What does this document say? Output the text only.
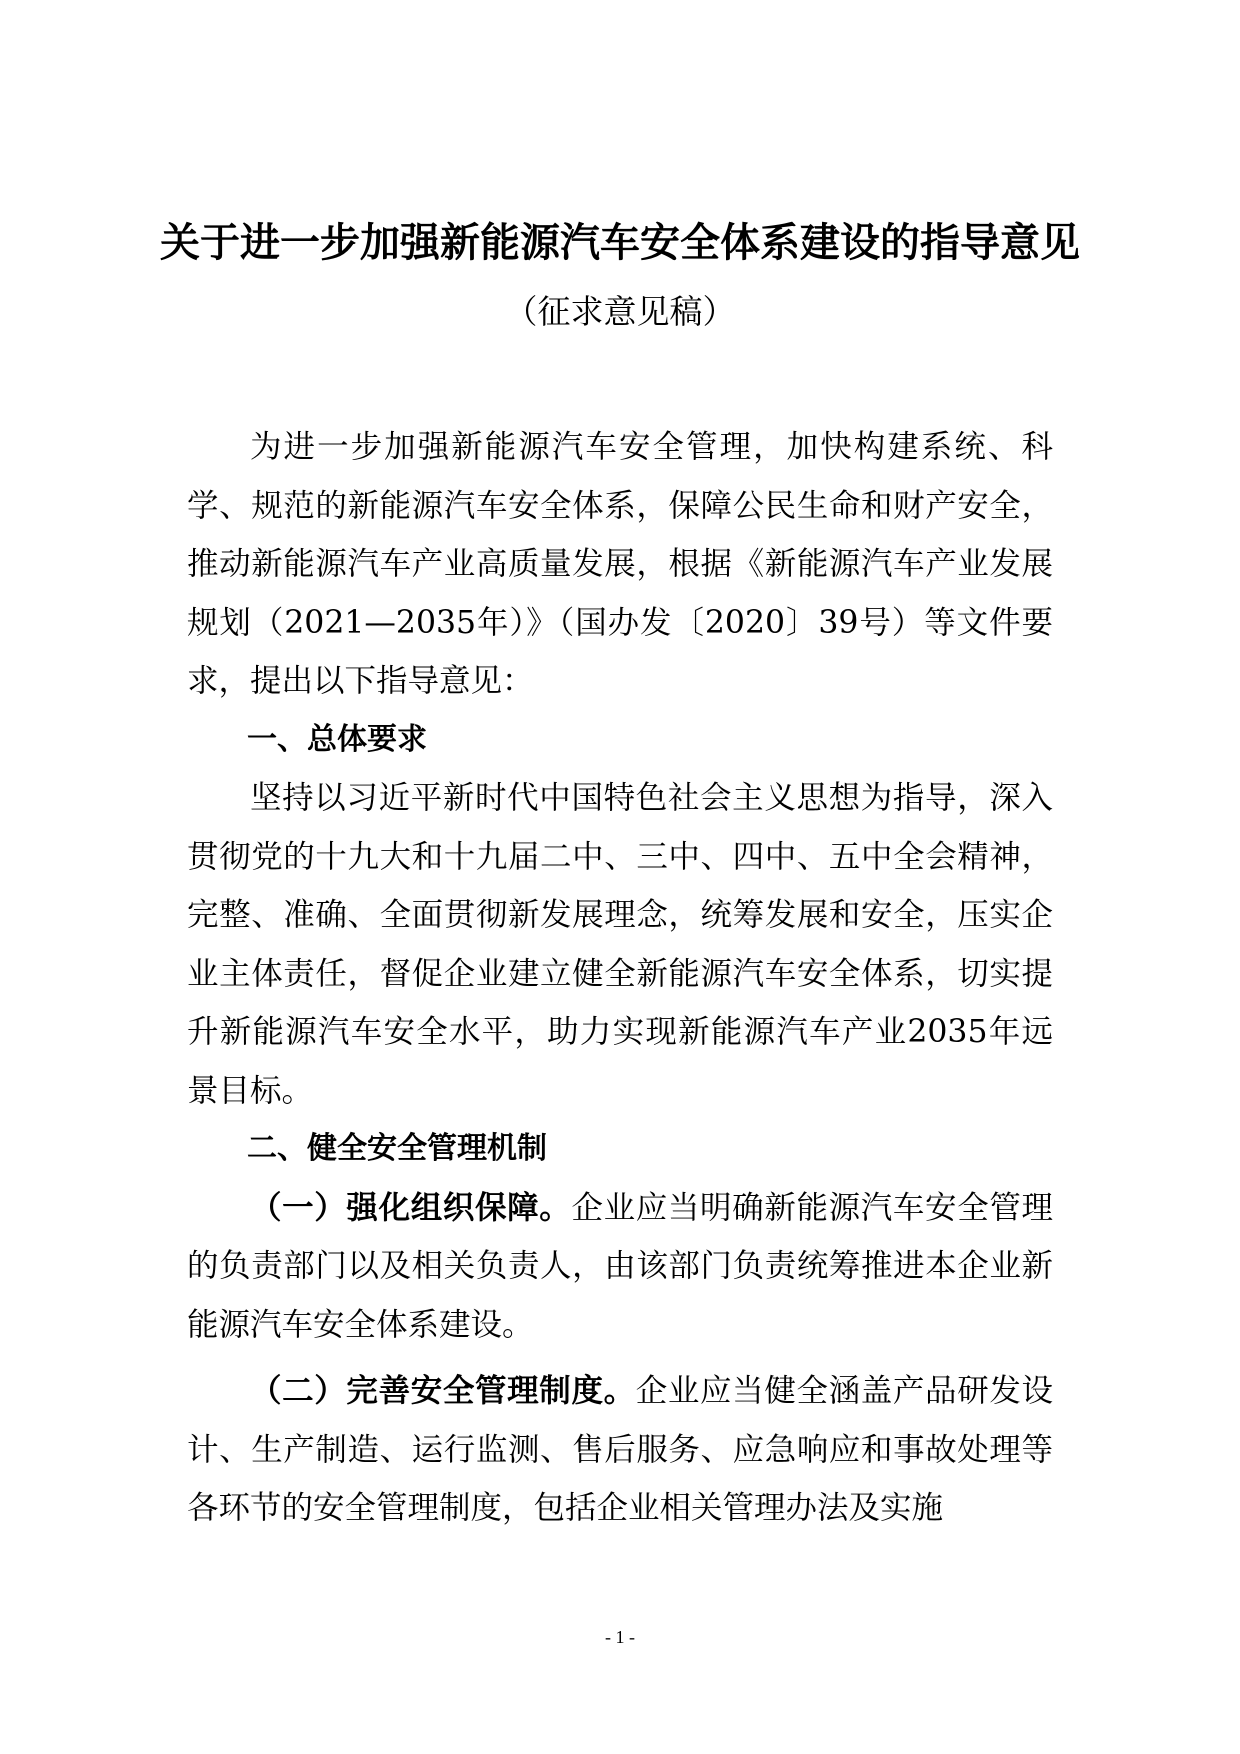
关于进一步加强新能源汽车安全体系建设的指导意见
（征求意见稿）

为进一步加强新能源汽车安全管理，加快构建系统、科学、规范的新能源汽车安全体系，保障公民生命和财产安全，推动新能源汽车产业高质量发展，根据《新能源汽车产业发展规划（2021—2035年）》（国办发〔2020〕39号）等文件要求，提出以下指导意见：

一、总体要求

坚持以习近平新时代中国特色社会主义思想为指导，深入贯彻党的十九大和十九届二中、三中、四中、五中全会精神，完整、准确、全面贯彻新发展理念，统筹发展和安全，压实企业主体责任，督促企业建立健全新能源汽车安全体系，切实提升新能源汽车安全水平，助力实现新能源汽车产业2035年远景目标。

二、健全安全管理机制

（一）强化组织保障。企业应当明确新能源汽车安全管理的负责部门以及相关负责人，由该部门负责统筹推进本企业新能源汽车安全体系建设。

（二）完善安全管理制度。企业应当健全涵盖产品研发设计、生产制造、运行监测、售后服务、应急响应和事故处理等各环节的安全管理制度，包括企业相关管理办法及实施

- 1 -
